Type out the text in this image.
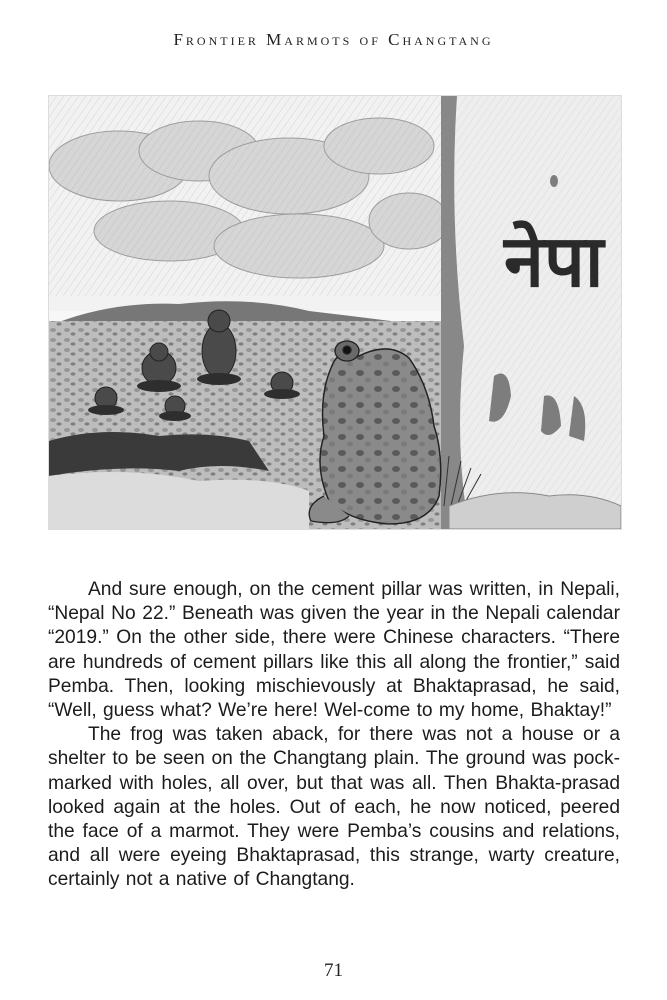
Frontier Marmots of Changtang
नेपा

And sure enough, on the cement pillar was written, in Nepali, “Nepal No 22.” Beneath was given the year in the Nepali calendar “2019.” On the other side, there were Chinese characters. “There are hundreds of cement pillars like this all along the frontier,” said Pemba. Then, looking mischievously at Bhaktaprasad, he said, “Well, guess what? We’re here! Wel-come to my home, Bhaktay!”

The frog was taken aback, for there was not a house or a shelter to be seen on the Changtang plain. The ground was pock-marked with holes, all over, but that was all. Then Bhakta-prasad looked again at the holes. Out of each, he now noticed, peered the face of a marmot. They were Pemba’s cousins and relations, and all were eyeing Bhaktaprasad, this strange, warty creature, certainly not a native of Changtang.

71
